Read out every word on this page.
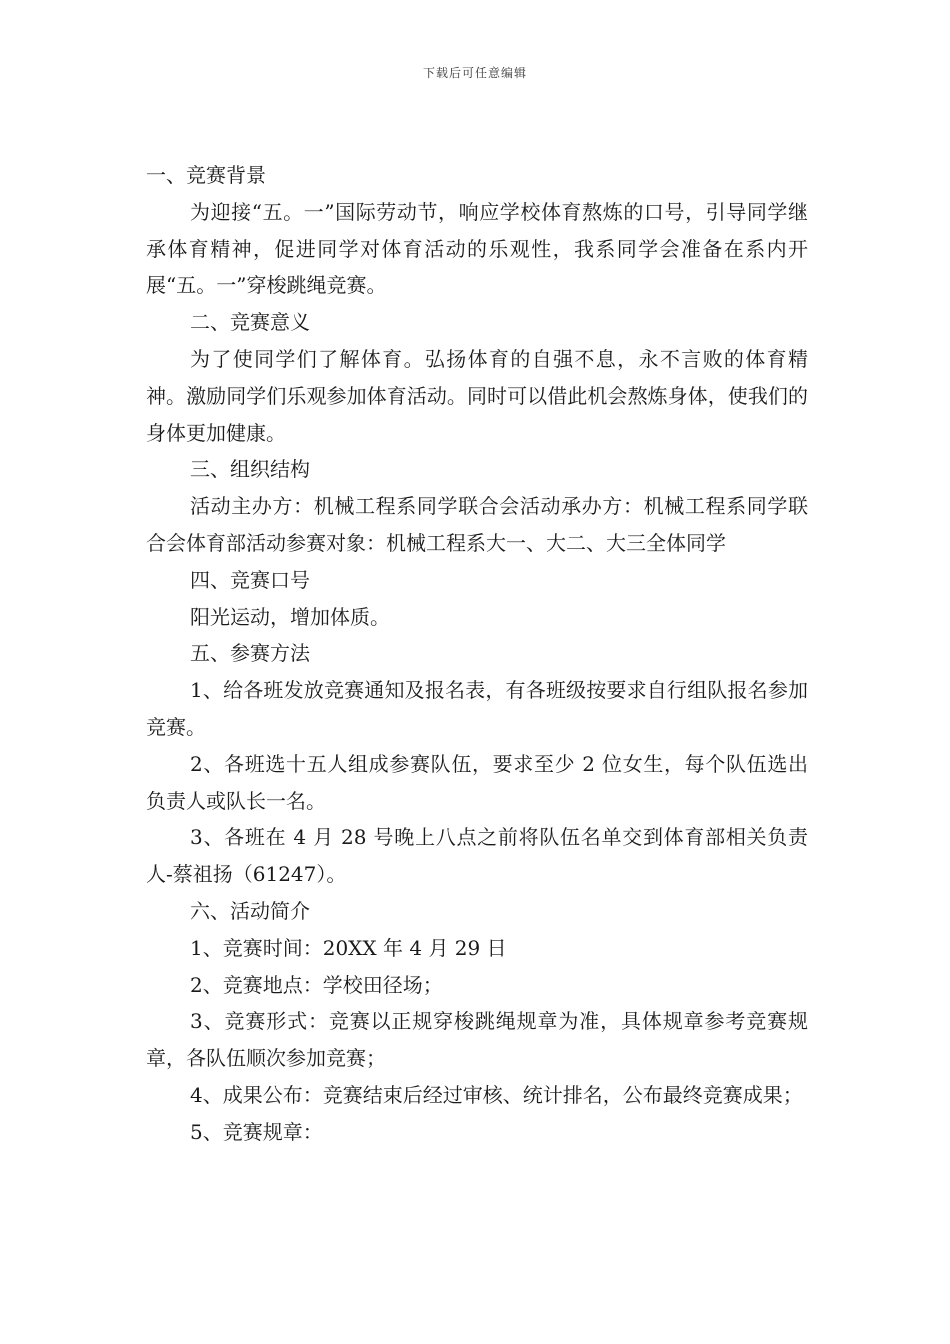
下载后可任意编辑

一、竞赛背景

为迎接“五。一”国际劳动节，响应学校体育熬炼的口号，引导同学继承体育精神，促进同学对体育活动的乐观性，我系同学会准备在系内开展“五。一”穿梭跳绳竞赛。

二、竞赛意义

为了使同学们了解体育。弘扬体育的自强不息，永不言败的体育精神。激励同学们乐观参加体育活动。同时可以借此机会熬炼身体，使我们的身体更加健康。

三、组织结构

活动主办方：机械工程系同学联合会活动承办方：机械工程系同学联合会体育部活动参赛对象：机械工程系大一、大二、大三全体同学

四、竞赛口号

阳光运动，增加体质。

五、参赛方法

1、给各班发放竞赛通知及报名表，有各班级按要求自行组队报名参加竞赛。

2、各班选十五人组成参赛队伍，要求至少 2 位女生，每个队伍选出负责人或队长一名。

3、各班在 4 月 28 号晚上八点之前将队伍名单交到体育部相关负责人-蔡祖扬（61247）。

六、活动简介

1、竞赛时间：20XX 年 4 月 29 日

2、竞赛地点：学校田径场；

3、竞赛形式：竞赛以正规穿梭跳绳规章为准，具体规章参考竞赛规章，各队伍顺次参加竞赛；

4、成果公布：竞赛结束后经过审核、统计排名，公布最终竞赛成果；

5、竞赛规章：
